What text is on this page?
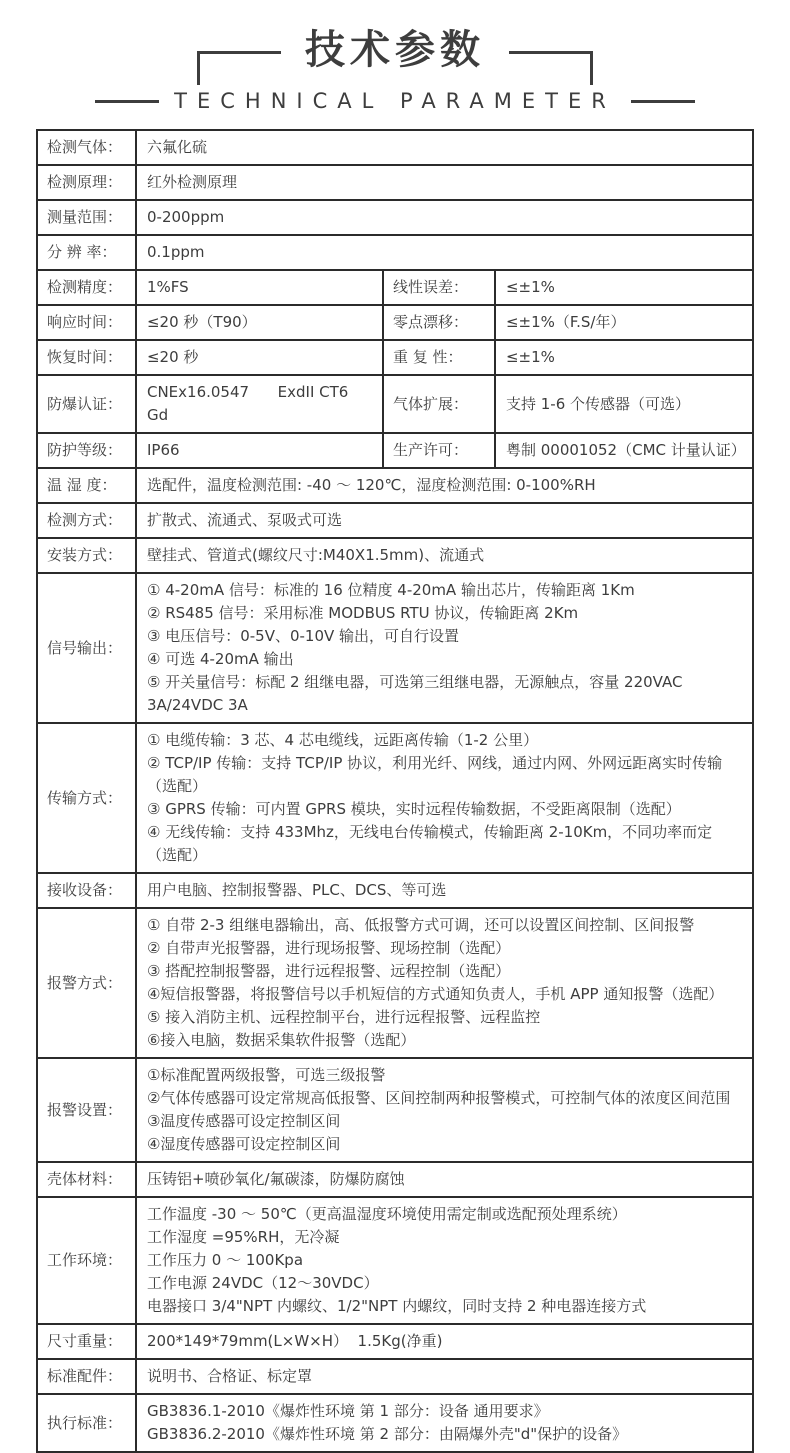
技术参数
TECHNICAL PARAMETER
检测气体：	六氟化硫		
检测原理：	红外检测原理		
测量范围：	0-200ppm		
分 辨 率：	0.1ppm		
检测精度：	1%FS	线性误差：	≤±1%
响应时间：	≤20 秒（T90）	零点漂移：	≤±1%（F.S/年）
恢复时间：	≤20 秒	重 复 性：	≤±1%
防爆认证：	CNEx16.0547      ExdII CT6 Gd	气体扩展：	支持 1-6 个传感器（可选）
防护等级：	IP66	生产许可：	粤制 00001052（CMC 计量认证）
温 湿 度：	选配件，温度检测范围: -40 ～ 120℃，湿度检测范围: 0-100%RH		
检测方式：	扩散式、流通式、泵吸式可选		
安装方式：	壁挂式、管道式(螺纹尺寸:M40X1.5mm)、流通式		
信号输出：	① 4-20mA 信号：标准的 16 位精度 4-20mA 输出芯片，传输距离 1Km
② RS485 信号：采用标准 MODBUS RTU 协议，传输距离 2Km
③ 电压信号：0-5V、0-10V 输出，可自行设置
④ 可选 4-20mA 输出
⑤ 开关量信号：标配 2 组继电器，可选第三组继电器，无源触点，容量 220VAC 3A/24VDC 3A		

传输方式：	① 电缆传输：3 芯、4 芯电缆线，远距离传输（1-2 公里）
② TCP/IP 传输：支持 TCP/IP 协议，利用光纤、网线，通过内网、外网远距离实时传输（选配）
③ GPRS 传输：可内置 GPRS 模块，实时远程传输数据，不受距离限制（选配）
④ 无线传输：支持 433Mhz，无线电台传输模式，传输距离 2-10Km，不同功率而定（选配）		

接收设备：	用户电脑、控制报警器、PLC、DCS、等可选		
报警方式：	
① 自带 2-3 组继电器输出，高、低报警方式可调，还可以设置区间控制、区间报警
② 自带声光报警器，进行现场报警、现场控制（选配）
③ 搭配控制报警器，进行远程报警、远程控制（选配）
④短信报警器，将报警信号以手机短信的方式通知负责人，手机 APP 通知报警（选配）
⑤ 接入消防主机、远程控制平台，进行远程报警、远程监控
⑥接入电脑，数据采集软件报警（选配）

报警设置：	①标准配置两级报警，可选三级报警
②气体传感器可设定常规高低报警、区间控制两种报警模式，可控制气体的浓度区间范围
③温度传感器可设定控制区间
④湿度传感器可设定控制区间		

壳体材料：	压铸铝+喷砂氧化/氟碳漆，防爆防腐蚀		
工作环境：	工作温度 -30 ～ 50℃（更高温湿度环境使用需定制或选配预处理系统）
工作湿度 =95%RH，无冷凝
工作压力 0 ～ 100Kpa
工作电源 24VDC（12～30VDC）
电器接口 3/4"NPT 内螺纹、1/2"NPT 内螺纹，同时支持 2 种电器连接方式		

尺寸重量：	200*149*79mm(L×W×H）  1.5Kg(净重)		
标准配件：	说明书、合格证、标定罩		
执行标准：	GB3836.1-2010《爆炸性环境 第 1 部分：设备 通用要求》
GB3836.2-2010《爆炸性环境 第 2 部分：由隔爆外壳"d"保护的设备》		
